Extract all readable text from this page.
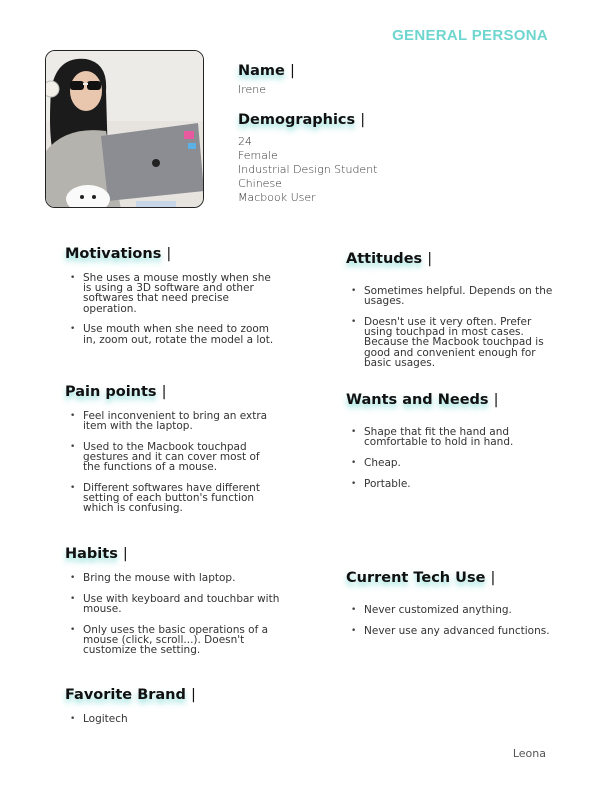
GENERAL PERSONA
Name |
Irene
Demographics |
24
Female
Industrial Design Student
Chinese
Macbook User
Motivations |
• She uses a mouse mostly when she is using a 3D software and other softwares that need precise operation.
• Use mouth when she need to zoom in, zoom out, rotate the model a lot.
Attitudes |
• Sometimes helpful. Depends on the usages.
• Doesn't use it very often. Prefer using touchpad in most cases. Because the Macbook touchpad is good and convenient enough for basic usages.
Pain points |
• Feel inconvenient to bring an extra item with the laptop.
• Used to the Macbook touchpad gestures and it can cover most of the functions of a mouse.
• Different softwares have different setting of each button's function which is confusing.
Wants and Needs |
• Shape that fit the hand and comfortable to hold in hand.
• Cheap.
• Portable.
Habits |
• Bring the mouse with laptop.
• Use with keyboard and touchbar with mouse.
• Only uses the basic operations of a mouse (click, scroll...). Doesn't customize the setting.
Current Tech Use |
• Never customized anything.
• Never use any advanced functions.
Favorite Brand |
• Logitech
Leona
